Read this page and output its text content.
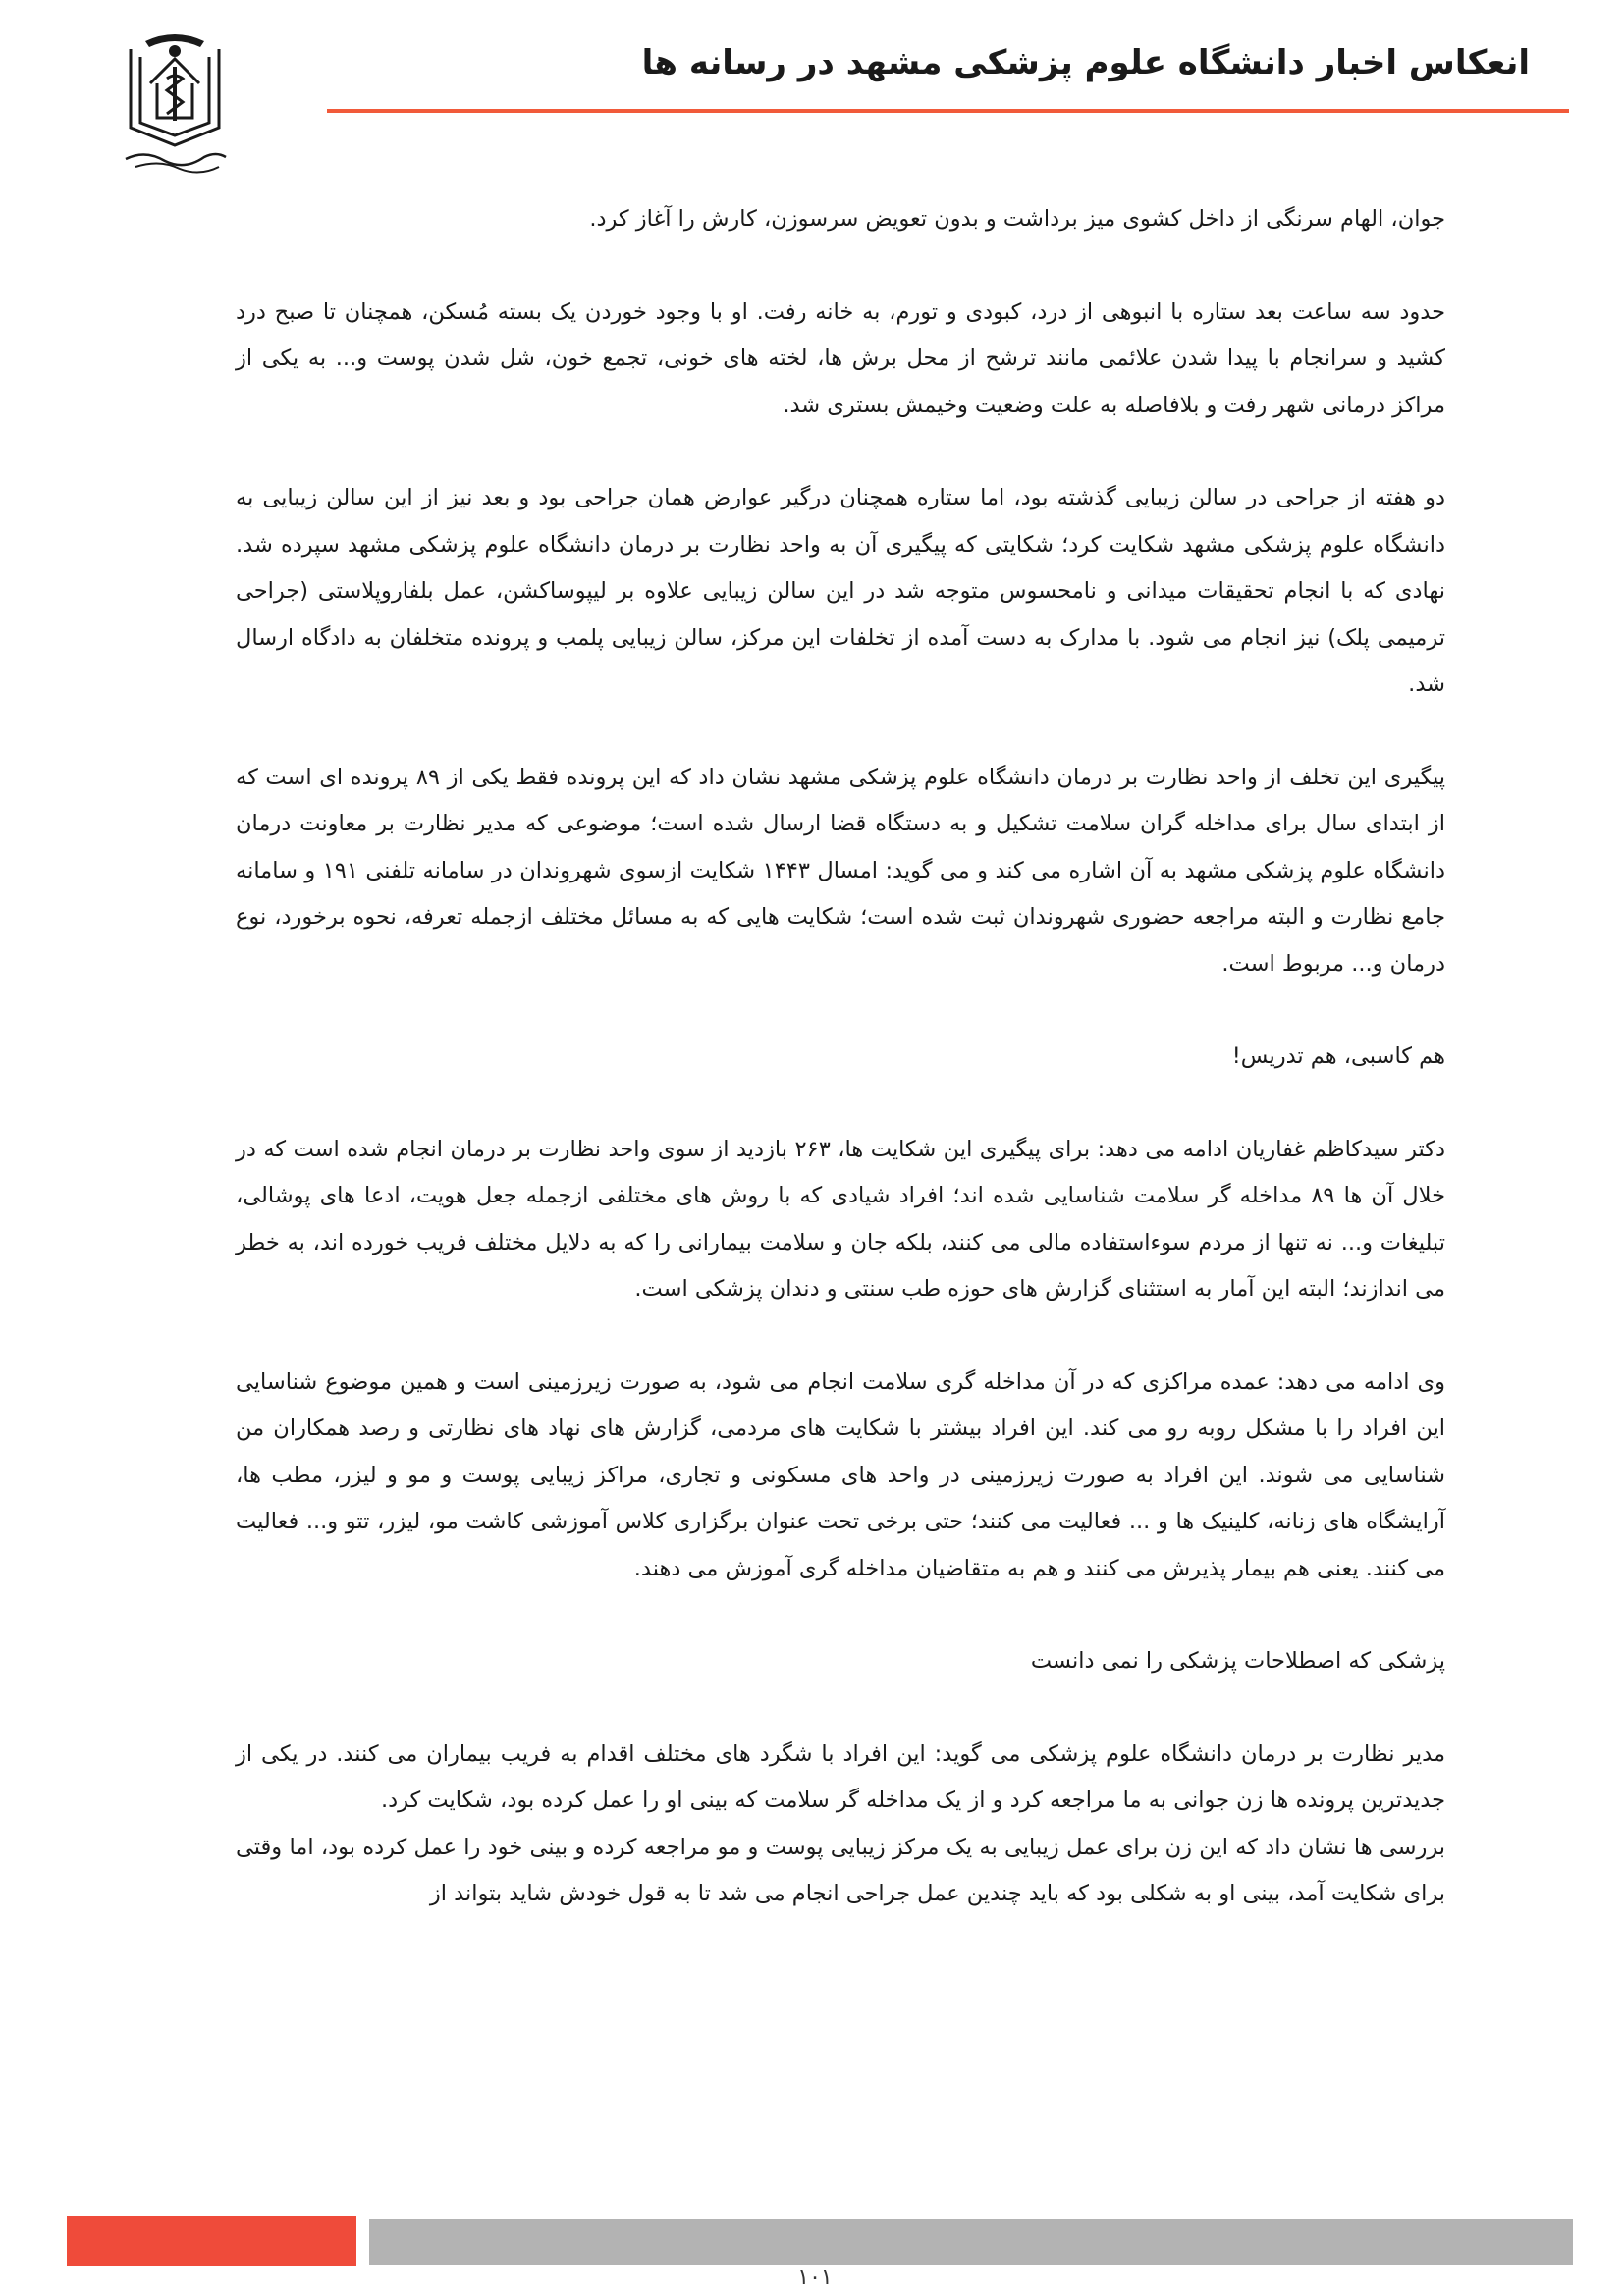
انعکاس اخبار دانشگاه علوم پزشکی مشهد در رسانه ها

جوان، الهام سرنگی از داخل کشوی میز برداشت و بدون تعویض سرسوزن، کارش را آغاز کرد.

حدود سه ساعت بعد ستاره با انبوهی از درد، کبودی و تورم، به خانه رفت. او با وجود خوردن یک بسته مُسکن، همچنان تا صبح درد کشید و سرانجام با پیدا شدن علائمی مانند ترشح از محل برش ها، لخته های خونی، تجمع خون، شل شدن پوست و... به یکی از مراکز درمانی شهر رفت و بلافاصله به علت وضعیت وخیمش بستری شد.

دو هفته از جراحی در سالن زیبایی گذشته بود، اما ستاره همچنان درگیر عوارض همان جراحی بود و بعد نیز از این سالن زیبایی به دانشگاه علوم پزشکی مشهد شکایت کرد؛ شکایتی که پیگیری آن به واحد نظارت بر درمان دانشگاه علوم پزشکی مشهد سپرده شد. نهادی که با انجام تحقیقات میدانی و نامحسوس متوجه شد در این سالن زیبایی علاوه بر لیپوساکشن، عمل بلفاروپلاستی (جراحی ترمیمی پلک) نیز انجام می شود. با مدارک به دست آمده از تخلفات این مرکز، سالن زیبایی پلمب و پرونده متخلفان به دادگاه ارسال شد.

پیگیری این تخلف از واحد نظارت بر درمان دانشگاه علوم پزشکی مشهد نشان داد که این پرونده فقط یکی از ۸۹ پرونده ای است که از ابتدای سال برای مداخله گران سلامت تشکیل و به دستگاه قضا ارسال شده است؛ موضوعی که مدیر نظارت بر معاونت درمان دانشگاه علوم پزشکی مشهد به آن اشاره می کند و می گوید: امسال ۱۴۴۳ شکایت ازسوی شهروندان در سامانه تلفنی ۱۹۱ و سامانه جامع نظارت و البته مراجعه حضوری شهروندان ثبت شده است؛ شکایت هایی که به مسائل مختلف ازجمله تعرفه، نحوه برخورد، نوع درمان و... مربوط است.

هم کاسبی، هم تدریس!

دکتر سیدکاظم غفاریان ادامه می دهد: برای پیگیری این شکایت ها، ۲۶۳ بازدید از سوی واحد نظارت بر درمان انجام شده است که در خلال آن ها ۸۹ مداخله گر سلامت شناسایی شده اند؛ افراد شیادی که با روش های مختلفی ازجمله جعل هویت، ادعا های پوشالی، تبلیغات و... نه تنها از مردم سوءاستفاده مالی می کنند، بلکه جان و سلامت بیمارانی را که به دلایل مختلف فریب خورده اند، به خطر می اندازند؛ البته این آمار به استثنای گزارش های حوزه طب سنتی و دندان پزشکی است.

وی ادامه می دهد: عمده مراکزی که در آن مداخله گری سلامت انجام می شود، به صورت زیرزمینی است و همین موضوع شناسایی این افراد را با مشکل روبه رو می کند. این افراد بیشتر با شکایت های مردمی، گزارش های نهاد های نظارتی و رصد همکاران من شناسایی می شوند. این افراد به صورت زیرزمینی در واحد های مسکونی و تجاری، مراکز زیبایی پوست و مو و لیزر، مطب ها، آرایشگاه های زنانه، کلینیک ها و ... فعالیت می کنند؛ حتی برخی تحت عنوان برگزاری کلاس آموزشی کاشت مو، لیزر، تتو و... فعالیت می کنند. یعنی هم بیمار پذیرش می کنند و هم به متقاضیان مداخله گری آموزش می دهند.

پزشکی که اصطلاحات پزشکی را نمی دانست

مدیر نظارت بر درمان دانشگاه علوم پزشکی می گوید: این افراد با شگرد های مختلف اقدام به فریب بیماران می کنند. در یکی از جدیدترین پرونده ها زن جوانی به ما مراجعه کرد و از یک مداخله گر سلامت که بینی او را عمل کرده بود، شکایت کرد.

بررسی ها نشان داد که این زن برای عمل زیبایی به یک مرکز زیبایی پوست و مو مراجعه کرده و بینی خود را عمل کرده بود، اما وقتی برای شکایت آمد، بینی او به شکلی بود که باید چندین عمل جراحی انجام می شد تا به قول خودش شاید بتواند از

۱۰۱
